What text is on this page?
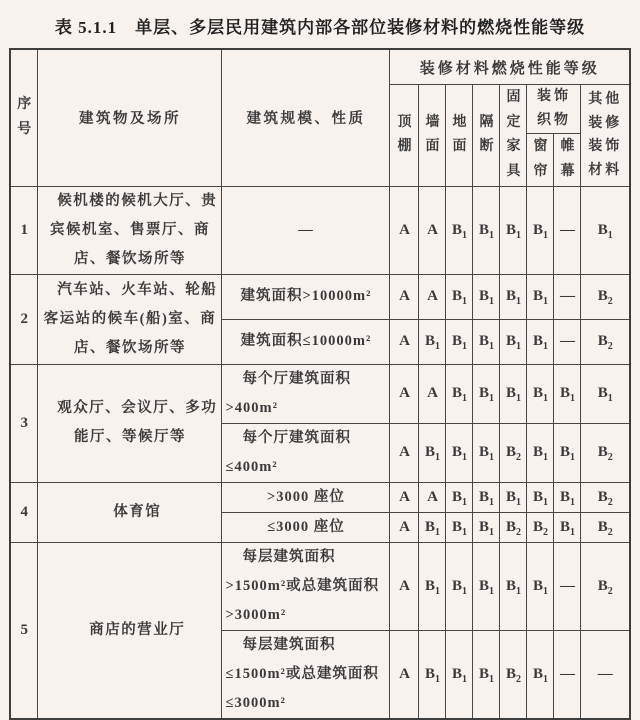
表 5.1.1　单层、多层民用建筑内部各部位装修材料的燃烧性能等级
序号	建筑物及场所	建筑规模、性质	装修材料燃烧性能等级							
			顶棚	墙面	地面	隔断	固定家具	装饰织物		其他装修装饰材料
								窗帘	帷幕	
1	候机楼的候机大厅、贵宾候机室、售票厅、商店、餐饮场所等	—	A	A	$B_1$	$B_1$	$B_1$	$B_1$	—	$B_1$
2	汽车站、火车站、轮船客运站的候车(船)室、商店、餐饮场所等	建筑面积>10000m²	A	A	$B_1$	$B_1$	$B_1$	$B_1$	—	$B_2$

		建筑面积≤10000m²	A	$B_1$	$B_1$	$B_1$	$B_1$	$B_1$	—	$B_2$
3	观众厅、会议厅、多功能厅、等候厅等	每个厅建筑面积
>400m²	A	A	$B_1$	$B_1$	$B_1$	$B_1$	$B_1$	$B_1$

		每个厅建筑面积
≤400m²	A	$B_1$	$B_1$	$B_1$	$B_2$	$B_1$	$B_1$	$B_2$
4	体育馆	>3000 座位	A	A	$B_1$	$B_1$	$B_1$	$B_1$	$B_1$	$B_2$

		≤3000 座位	A	$B_1$	$B_1$	$B_1$	$B_2$	$B_2$	$B_1$	$B_2$
5	商店的营业厅	每层建筑面积
>1500m²或总建筑面积
>3000m²	A	$B_1$	$B_1$	$B_1$	$B_1$	$B_1$	—	$B_2$

		每层建筑面积
≤1500m²或总建筑面积
≤3000m²	A	$B_1$	$B_1$	$B_1$	$B_2$	$B_1$	—	—
